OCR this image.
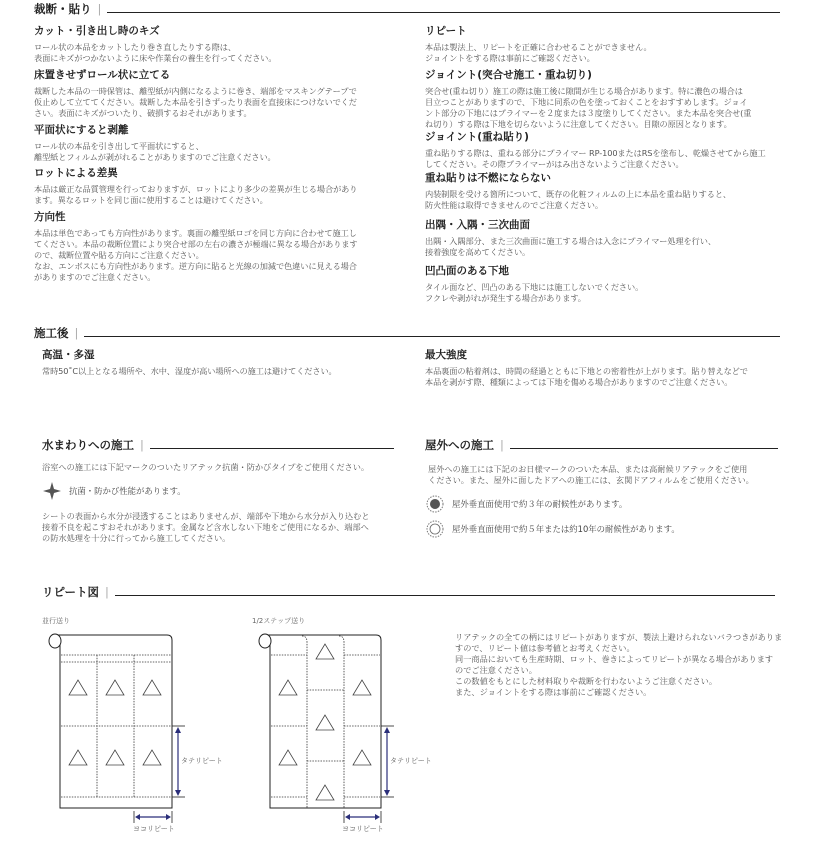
裁断・貼り |
カット・引き出し時のキズ

ロール状の本品をカットしたり巻き直したりする際は、
表面にキズがつかないように床や作業台の養生を行ってください。

床置きせずロール状に立てる

裁断した本品の一時保管は、離型紙が内側になるように巻き、端部をマスキングテープで
仮止めして立ててください。裁断した本品を引きずったり表面を直接床につけないでくだ
さい。表面にキズがついたり、破損するおそれがあります。

平面状にすると剥離

ロール状の本品を引き出して平面状にすると、
離型紙とフィルムが剥がれることがありますのでご注意ください。

ロットによる差異

本品は厳正な品質管理を行っておりますが、ロットにより多少の差異が生じる場合があり
ます。異なるロットを同じ面に使用することは避けてください。

方向性

本品は単色であっても方向性があります。裏面の離型紙ロゴを同じ方向に合わせて施工し
てください。本品の裁断位置により突合せ部の左右の濃さが極端に異なる場合があります
ので、裁断位置や貼る方向にご注意ください。
なお、エンボスにも方向性があります。逆方向に貼ると光線の加減で色違いに見える場合
がありますのでご注意ください。

リピート

本品は製法上、リピートを正確に合わせることができません。
ジョイントをする際は事前にご確認ください。

ジョイント(突合せ施工・重ね切り)

突合せ(重ね切り）施工の際は施工後に隙間が生じる場合があります。特に濃色の場合は
目立つことがありますので、下地に同系の色を塗っておくことをおすすめします。ジョイ
ント部分の下地にはプライマーを２度または３度塗りしてください。また本品を突合せ(重
ね切り）する際は下地を切らないように注意してください。目隙の原因となります。

ジョイント(重ね貼り)

重ね貼りする際は、重ねる部分にプライマー RP-100またはRSを塗布し、乾燥させてから施工
してください。その際プライマーがはみ出さないようご注意ください。

重ね貼りは不燃にならない

内装制限を受ける箇所について、既存の化粧フィルムの上に本品を重ね貼りすると、
防火性能は取得できませんのでご注意ください。

出隅・入隅・三次曲面

出隅・入隅部分、また三次曲面に施工する場合は入念にプライマー処理を行い、
接着強度を高めてください。

凹凸面のある下地

タイル面など、凹凸のある下地には施工しないでください。
フクレや剥がれが発生する場合があります。

施工後 |
高温・多湿

常時50˚C以上となる場所や、水中、湿度が高い場所への施工は避けてください。

最大強度

本品裏面の粘着剤は、時間の経過とともに下地との密着性が上がります。貼り替えなどで
本品を剥がす際、種類によっては下地を傷める場合がありますのでご注意ください。

水まわりへの施工 |
浴室への施工には下記マークのついたリアテック抗菌・防かびタイプをご使用ください。
抗菌・防かび性能があります。
シートの表面から水分が浸透することはありませんが、端部や下地から水分が入り込むと
接着不良を起こすおそれがあります。金属など含水しない下地をご使用になるか、端部へ
の防水処理を十分に行ってから施工してください。
屋外への施工 |
屋外への施工には下記のお日様マークのついた本品、または高耐候リアテックをご使用
ください。また、屋外に面したドアへの施工には、玄関ドアフィルムをご使用ください。
屋外垂直面使用で約３年の耐候性があります。
屋外垂直面使用で約５年または約10年の耐候性があります。
リピート図 |
リアテックの全ての柄にはリピートがありますが、製法上避けられないバラつきがありま
すので、リピート値は参考値とお考えください。
同一商品においても生産時期、ロット、巻きによってリピートが異なる場合があります
のでご注意ください。
この数値をもとにした材料取りや裁断を行わないようご注意ください。
また、ジョイントをする際は事前にご確認ください。
並行送り	1/2ステップ送り
タテリピート
ヨコリピート
タテリピート
ヨコリピート
